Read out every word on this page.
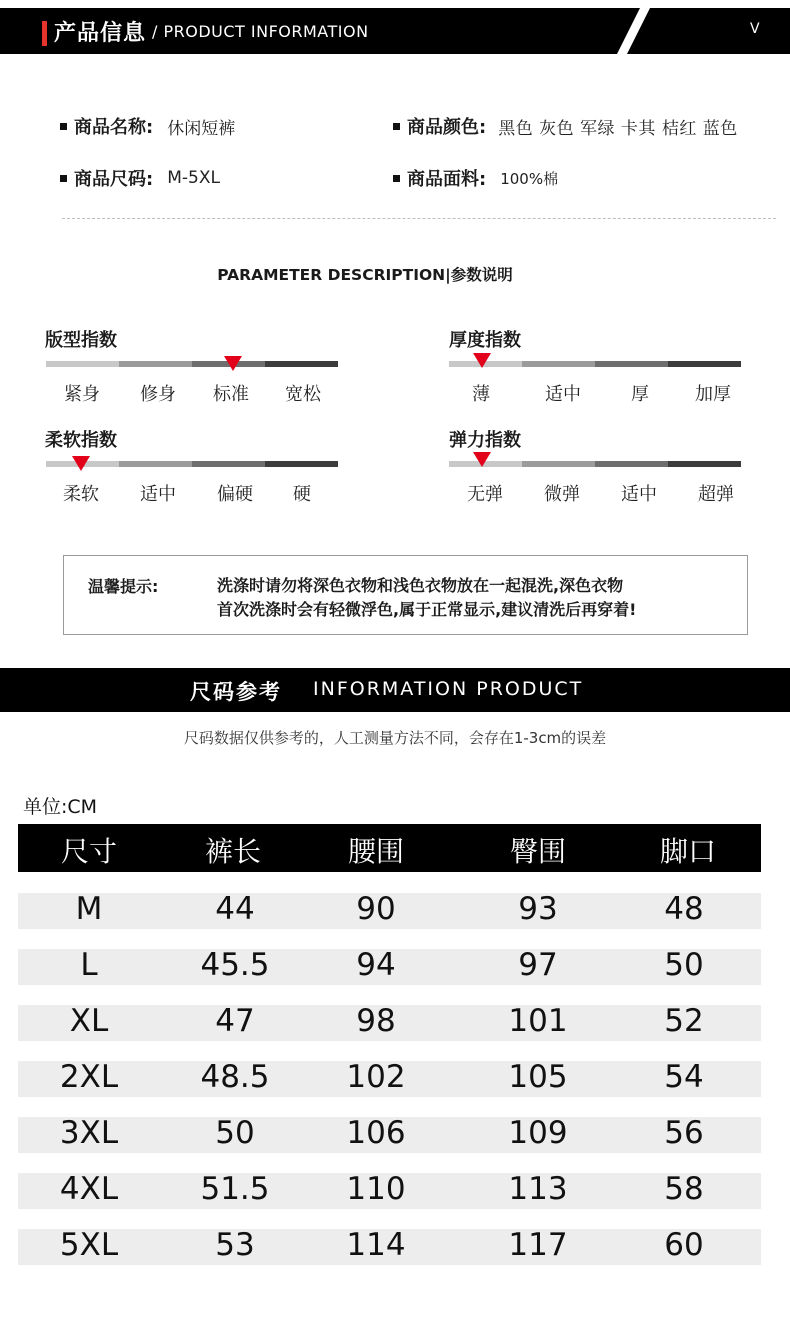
产品信息 / PRODUCT INFORMATION	V
商品名称: 休闲短裤	商品颜色: 黑色 灰色 军绿 卡其 桔红 蓝色
商品尺码: M-5XL	商品面料: 100%棉
PARAMETER DESCRIPTION|参数说明
版型指数
紧身	修身	标准	宽松
厚度指数
薄	适中	厚	加厚
柔软指数
柔软	适中	偏硬	硬
弹力指数
无弹	微弹	适中	超弹
温馨提示:	洗涤时请勿将深色衣物和浅色衣物放在一起混洗,深色衣物
首次洗涤时会有轻微浮色,属于正常显示,建议清洗后再穿着!
尺码参考 INFORMATION PRODUCT
尺码数据仅供参考的，人工测量方法不同，会存在1-3cm的误差
单位:CM
尺寸	裤长	腰围	臀围	脚口
M	44	90	93	48
L	45.5	94	97	50
XL	47	98	101	52
2XL	48.5	102	105	54
3XL	50	106	109	56
4XL	51.5	110	113	58
5XL	53	114	117	60
